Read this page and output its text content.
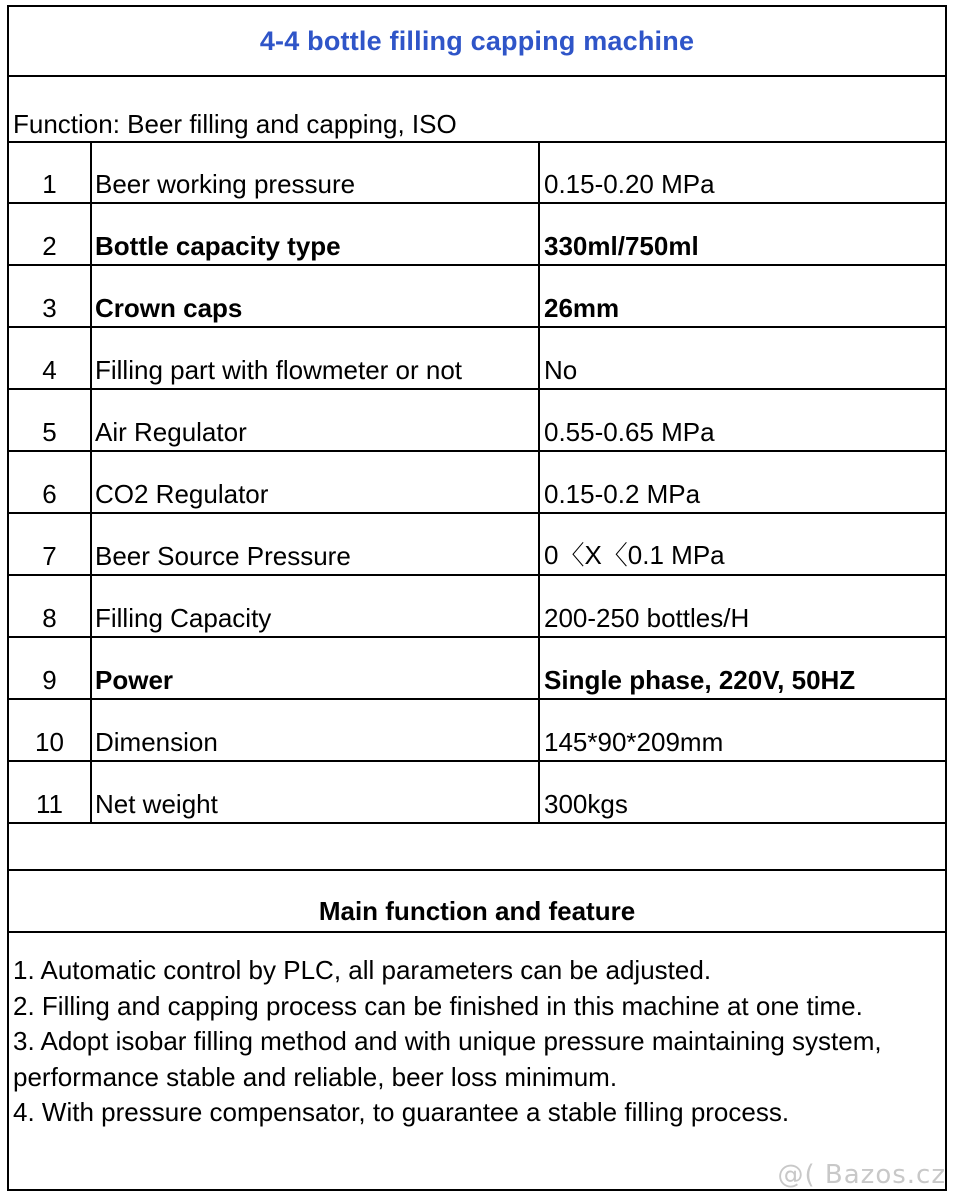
4-4 bottle filling capping machine
Function: Beer filling and capping, ISO
1	Beer working pressure	0.15-0.20 MPa
2	Bottle capacity type	330ml/750ml
3	Crown caps	26mm
4	Filling part with flowmeter or not	No
5	Air Regulator	0.55-0.65 MPa
6	CO2 Regulator	0.15-0.2 MPa
7	Beer Source Pressure	0〈X〈0.1 MPa
8	Filling Capacity	200-250 bottles/H
9	Power	Single phase, 220V, 50HZ
10	Dimension	145*90*209mm
11	Net weight	300kgs
Main function and feature
1. Automatic control by PLC, all parameters can be adjusted.
2. Filling and capping process can be finished in this machine at one time.
3. Adopt isobar filling method and with unique pressure maintaining system, performance stable and reliable, beer loss minimum.
4. With pressure compensator, to guarantee a stable filling process.
@( Bazos.cz
